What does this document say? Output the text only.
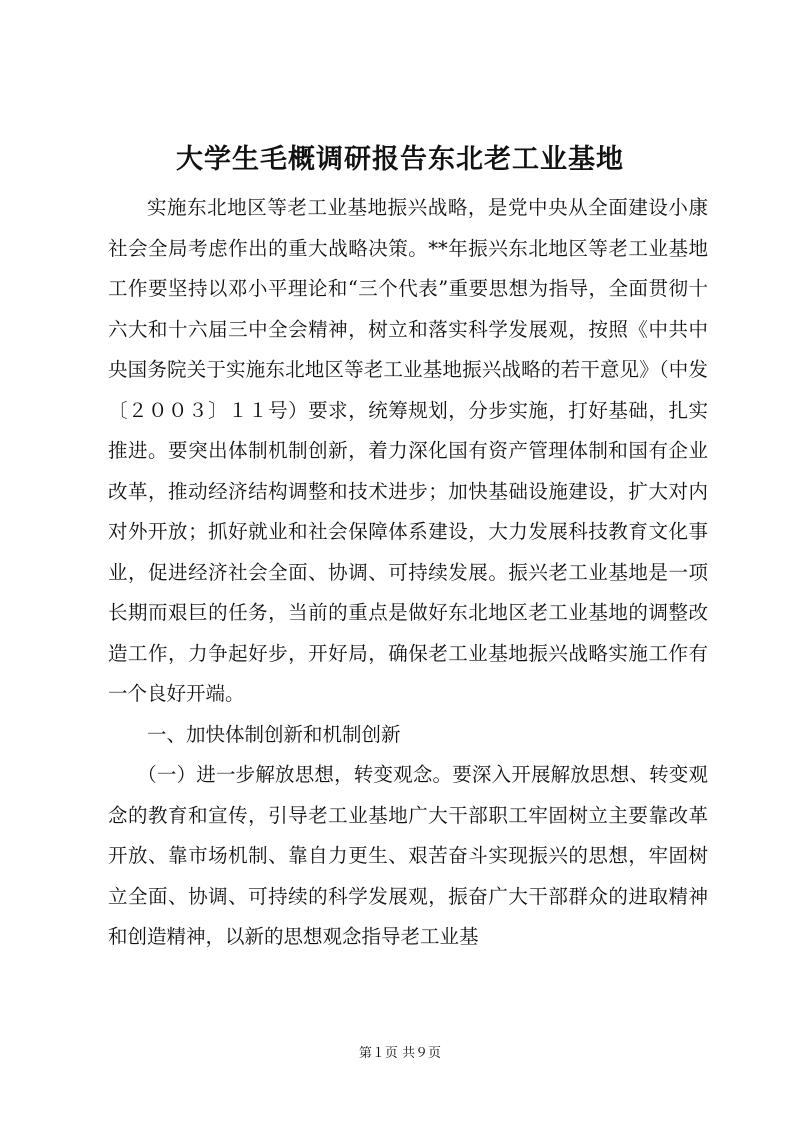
大学生毛概调研报告东北老工业基地

实施东北地区等老工业基地振兴战略，是党中央从全面建设小康社会全局考虑作出的重大战略决策。**年振兴东北地区等老工业基地工作要坚持以邓小平理论和“三个代表”重要思想为指导，全面贯彻十六大和十六届三中全会精神，树立和落实科学发展观，按照《中共中央国务院关于实施东北地区等老工业基地振兴战略的若干意见》（中发〔２００３〕１１号）要求，统筹规划，分步实施，打好基础，扎实推进。要突出体制机制创新，着力深化国有资产管理体制和国有企业改革，推动经济结构调整和技术进步；加快基础设施建设，扩大对内对外开放；抓好就业和社会保障体系建设，大力发展科技教育文化事业，促进经济社会全面、协调、可持续发展。振兴老工业基地是一项长期而艰巨的任务，当前的重点是做好东北地区老工业基地的调整改造工作，力争起好步，开好局，确保老工业基地振兴战略实施工作有一个良好开端。

一、加快体制创新和机制创新

（一）进一步解放思想，转变观念。要深入开展解放思想、转变观念的教育和宣传，引导老工业基地广大干部职工牢固树立主要靠改革开放、靠市场机制、靠自力更生、艰苦奋斗实现振兴的思想，牢固树立全面、协调、可持续的科学发展观，振奋广大干部群众的进取精神和创造精神，以新的思想观念指导老工业基

第１页 共９页
